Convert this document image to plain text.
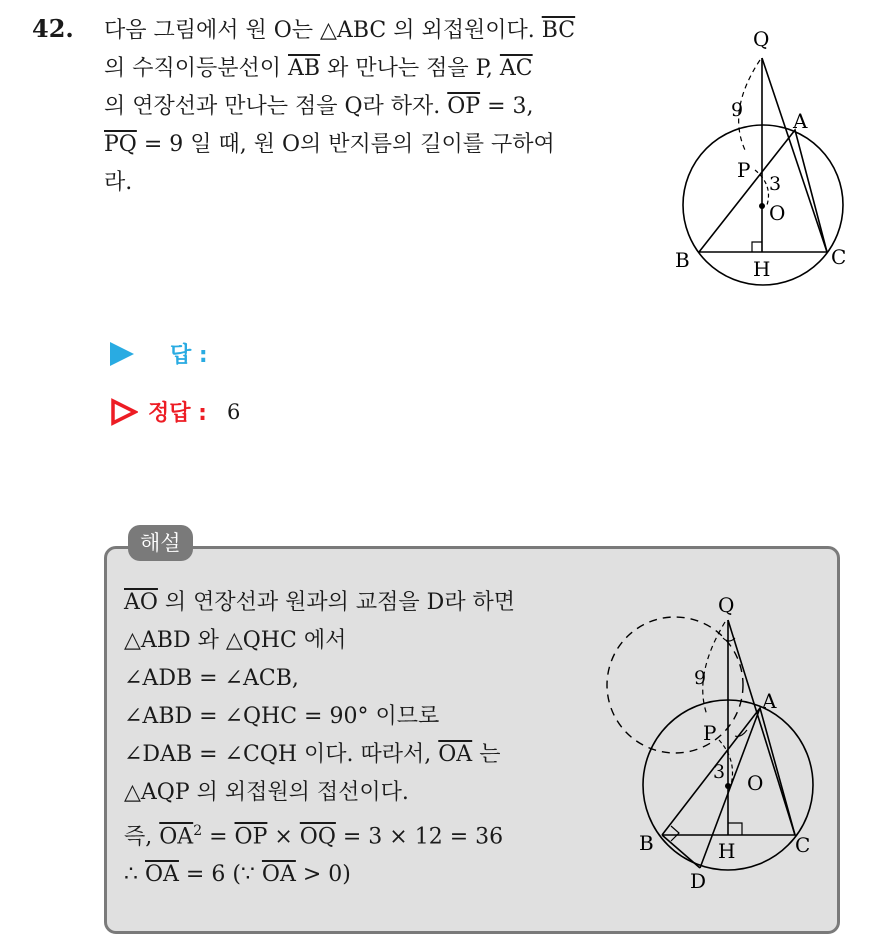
42. 다음 그림에서 원 O는 △ABC 의 외접원이다. $\overline{BC}$
의 수직이등분선이 $\overline{AB}$ 와 만나는 점을 P, $\overline{AC}$
의 연장선과 만나는 점을 Q라 하자. $\overline{OP} = 3$,
$\overline{PQ} = 9$ 일 때, 원 O의 반지름의 길이를 구하여
라.
Q
A
P
O
B	H	C
9
3
답 :
정답 : 6
해설
$\overline{AO}$ 의 연장선과 원과의 교점을 D라 하면
△ABD 와 △QHC 에서
∠ADB = ∠ACB,
∠ABD = ∠QHC = 90° 이므로
∠DAB = ∠CQH 이다. 따라서, $\overline{OA}$ 는
△AQP 의 외접원의 접선이다.
즉, $\overline{OA}^2 = \overline{OP} \times \overline{OQ} = 3 \times 12 = 36$
∴ $\overline{OA} = 6$ (∵ $\overline{OA} > 0$)
Q
A
P
O
B	H	C
D
9
3
